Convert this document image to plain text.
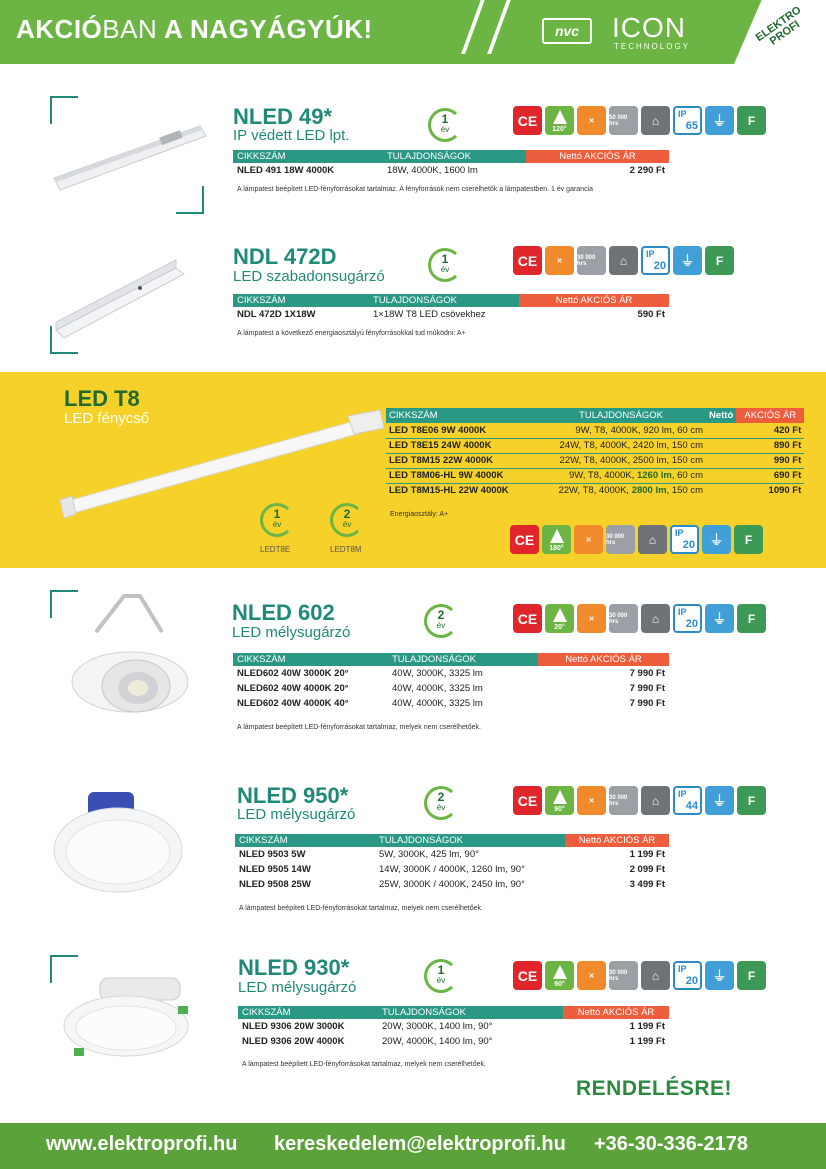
AKCIÓBAN A NAGYÁGYÚK!	nvc	ICON
TECHNOLOGY
ELEKTRO PROFI
NLED 49*
IP védett LED lpt.
1
év
CE
120°
✕	50 000 hrs	⌂	IP
65	⏚	F
CIKKSZÁM	TULAJDONSÁGOK	Nettó AKCIÓS ÁR
NLED 491 18W 4000K	18W, 4000K, 1600 lm	2 290 Ft
A lámpatest beépített LED-fényforrásokat tartalmaz. A fényforrások nem cserélhetők a lámpatestben. 1 év garancia
NDL 472D
LED szabadonsugárzó
1
év
CE	✕	30 000 hrs	⌂	IP
20	⏚	F
CIKKSZÁM	TULAJDONSÁGOK	Nettó AKCIÓS ÁR
NDL 472D 1X18W	1×18W T8 LED csövekhez	590 Ft
A lámpatest a következő energiaosztályú fényforrásokkal tud működni: A+
LED T8
LED fénycső	CIKKSZÁM	TULAJDONSÁGOK	Nettó	AKCIÓS ÁR
LED T8E06 9W 4000K	9W, T8, 4000K, 920 lm, 60 cm		420 Ft
LED T8E15 24W 4000K	24W, T8, 4000K, 2420 lm, 150 cm		890 Ft
LED T8M15 22W 4000K	22W, T8, 4000K, 2500 lm, 150 cm		990 Ft
LED T8M06-HL 9W 4000K	9W, T8, 4000K, 1260 lm, 60 cm		690 Ft
LED T8M15-HL 22W 4000K	22W, T8, 4000K, 2800 lm, 150 cm		1090 Ft
Energiaosztály: A+
1
év
LEDT8E
2
év
LEDT8M
CE
180°
✕	30 000 hrs	⌂	IP
20	⏚	F
NLED 602
LED mélysugárzó
2
év	CE
20°
✕	30 000 hrs	⌂	IP
20	⏚	F
CIKKSZÁM	TULAJDONSÁGOK	Nettó AKCIÓS ÁR
NLED602 40W 3000K 20°	40W, 3000K, 3325 lm	7 990 Ft
NLED602 40W 4000K 20°	40W, 4000K, 3325 lm	7 990 Ft
NLED602 40W 4000K 40°	40W, 4000K, 3325 lm	7 990 Ft
A lámpatest beépített LED-fényforrásokat tartalmaz, melyek nem cserélhetőek.
NLED 950*
LED mélysugárzó
2
év	CE
90°
✕	30 000 hrs	⌂	IP
44	⏚	F
CIKKSZÁM	TULAJDONSÁGOK	Nettó AKCIÓS ÁR
NLED 9503 5W	5W, 3000K, 425 lm, 90°	1 199 Ft
NLED 9505 14W	14W, 3000K / 4000K, 1260 lm, 90°	2 099 Ft
NLED 9508 25W	25W, 3000K / 4000K, 2450 lm, 90°	3 499 Ft
A lámpatest beépített LED-fényforrásokat tartalmaz, melyek nem cserélhetőek.
NLED 930*
LED mélysugárzó
1
év	CE
90°
✕	30 000 hrs	⌂	IP
20	⏚	F
CIKKSZÁM	TULAJDONSÁGOK	Nettó AKCIÓS ÁR
NLED 9306 20W 3000K	20W, 3000K, 1400 lm, 90°	1 199 Ft
NLED 9306 20W 4000K	20W, 4000K, 1400 lm, 90°	1 199 Ft
A lámpatest beépített LED-fényforrásokat tartalmaz, melyek nem cserélhetőek.
RENDELÉSRE!
www.elektroprofi.hu kereskedelem@elektroprofi.hu +36-30-336-2178
